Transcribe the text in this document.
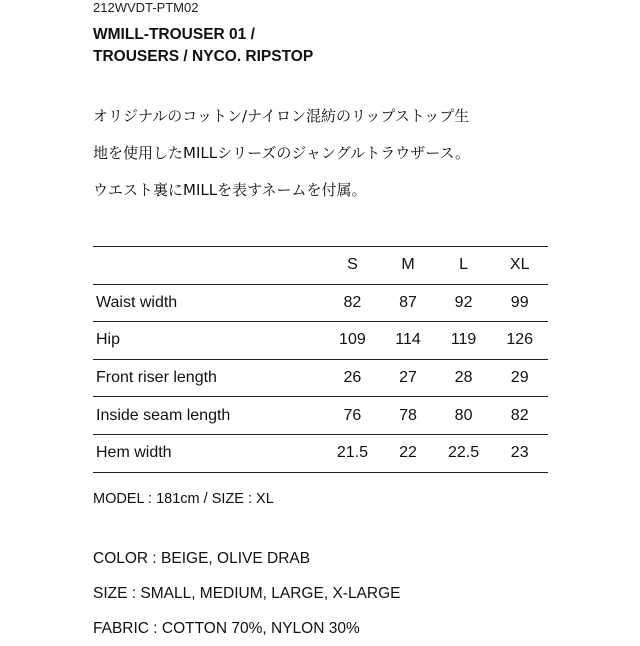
212WVDT-PTM02

WMILL-TROUSER 01 /
TROUSERS / NYCO. RIPSTOP

オリジナルのコットン/ナイロン混紡のリップストップ生
地を使用したMILLシリーズのジャングルトラウザース。
ウエスト裏にMILLを表すネームを付属。

	S	M	L	XL
Waist width	82	87	92	99
Hip	109	114	119	126
Front riser length	26	27	28	29
Inside seam length	76	78	80	82
Hem width	21.5	22	22.5	23

MODEL : 181cm / SIZE : XL

COLOR : BEIGE, OLIVE DRAB
SIZE : SMALL, MEDIUM, LARGE, X-LARGE
FABRIC : COTTON 70%, NYLON 30%
